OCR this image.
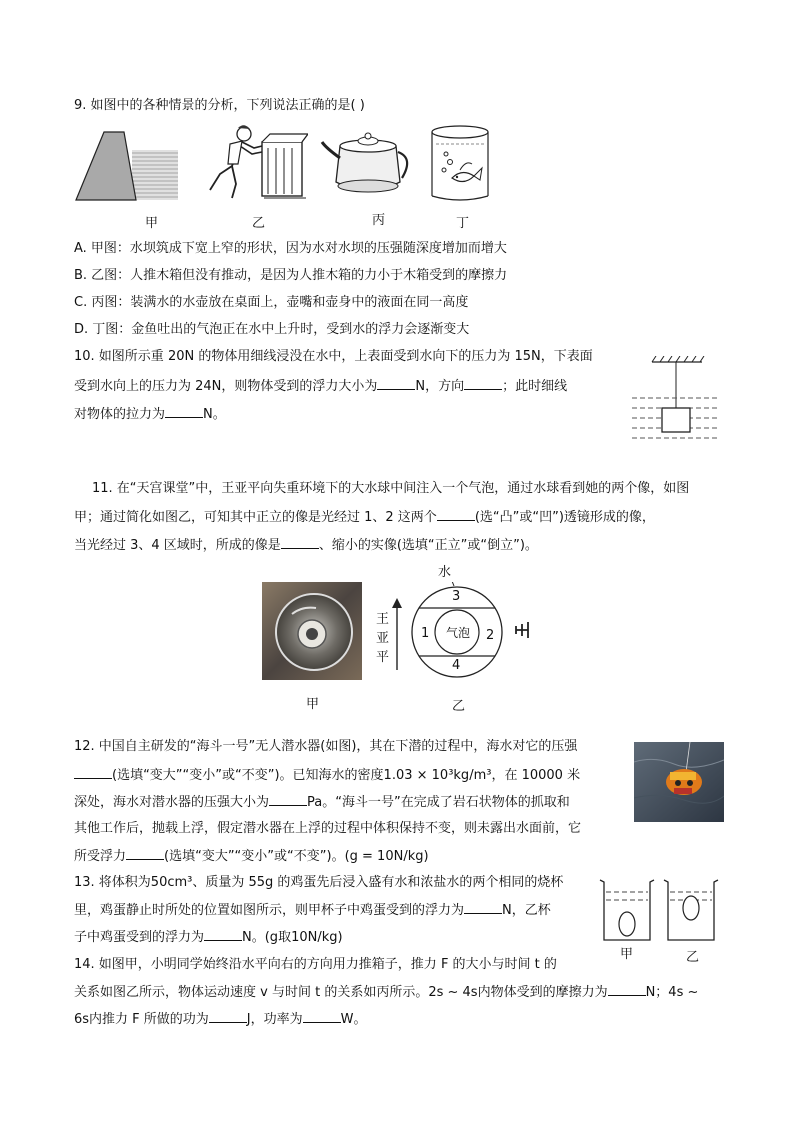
9. 如图中的各种情景的分析，下列说法正确的是( )
甲	乙	丙	丁
A. 甲图：水坝筑成下宽上窄的形状，因为水对水坝的压强随深度增加而增大
B. 乙图：人推木箱但没有推动，是因为人推木箱的力小于木箱受到的摩擦力
C. 丙图：装满水的水壶放在桌面上，壶嘴和壶身中的液面在同一高度
D. 丁图：金鱼吐出的气泡正在水中上升时，受到水的浮力会逐渐变大
10. 如图所示重 20N 的物体用细线浸没在水中，上表面受到水向下的压力为 15N，下表面
受到水向上的压力为 24N，则物体受到的浮力大小为	N，方向	；此时细线
对物体的拉力为	N。
11. 在“天宫课堂”中，王亚平向失重环境下的大水球中间注入一个气泡，通过水球看到她的两个像，如图
甲；通过简化如图乙，可知其中正立的像是光经过 1、2 这两个	(选“凸”或“凹”)透镜形成的像，
当光经过 3、4 区域时，所成的像是	、缩小的实像(选填“正立”或“倒立”)。
甲
王
亚
平
水
3
1 气泡 2
4
乙
12. 中国自主研发的“海斗一号”无人潜水器(如图)，其在下潜的过程中，海水对它的压强
(选填“变大”“变小”或“不变”)。已知海水的密度1.03 × 10³kg/m³，在 10000 米
深处，海水对潜水器的压强大小为	Pa。“海斗一号”在完成了岩石状物体的抓取和
其他工作后，抛载上浮，假定潜水器在上浮的过程中体积保持不变，则未露出水面前，它
所受浮力	(选填“变大”“变小”或“不变”)。(g = 10N/kg)
13. 将体积为50cm³、质量为 55g 的鸡蛋先后浸入盛有水和浓盐水的两个相同的烧杯
里，鸡蛋静止时所处的位置如图所示，则甲杯子中鸡蛋受到的浮力为	N，乙杯
子中鸡蛋受到的浮力为	N。(g取10N/kg)
甲	乙
14. 如图甲，小明同学始终沿水平向右的方向用力推箱子，推力 F 的大小与时间 t 的
关系如图乙所示，物体运动速度 v 与时间 t 的关系如丙所示。2s ~ 4s内物体受到的摩擦力为	N；4s ~
6s内推力 F 所做的功为	J，功率为	W。
